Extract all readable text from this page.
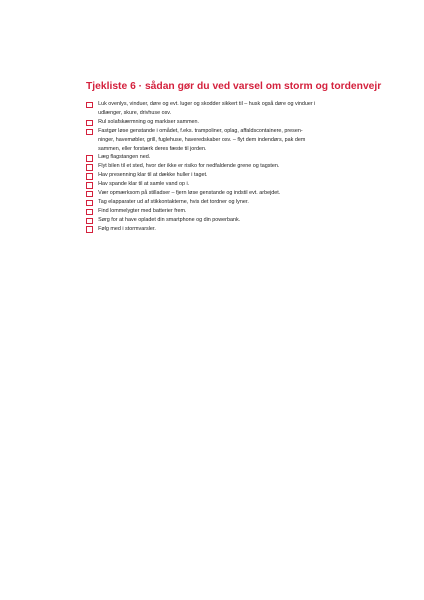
Tjekliste 6 · sådan gør du ved varsel om storm og tordenvejr
Luk ovenlys, vinduer, døre og evt. luger og skodder sikkert til – husk også døre og vinduer i
udlænger, skure, drivhuse osv.
Rul solafskærmning og markiser sammen.
Fastgør løse genstande i omådet, f.eks. trampoliner, oplag, affaldscontainere, presen-
ninger, havemøbler, grill, fuglehuse, haveredskaber osv. – flyt dem indendørs, pak dem
sammen, eller forstærk deres fæste til jorden.
Læg flagstangen ned.
Flyt bilen til et sted, hvor der ikke er risiko for nedfaldende grene og tagsten.
Hav presenning klar til at dække huller i taget.
Hav spande klar til at samle vand op i.
Vær opmærksom på stilladser – fjern løse genstande og indstil evt. arbejdet.
Tag elapparater ud af stikkontakterne, hvis det tordner og lyner.
Find lommelygter med batterier frem.
Sørg for at have opladet din smartphone og din powerbank.
Følg med i stormvarsler.
